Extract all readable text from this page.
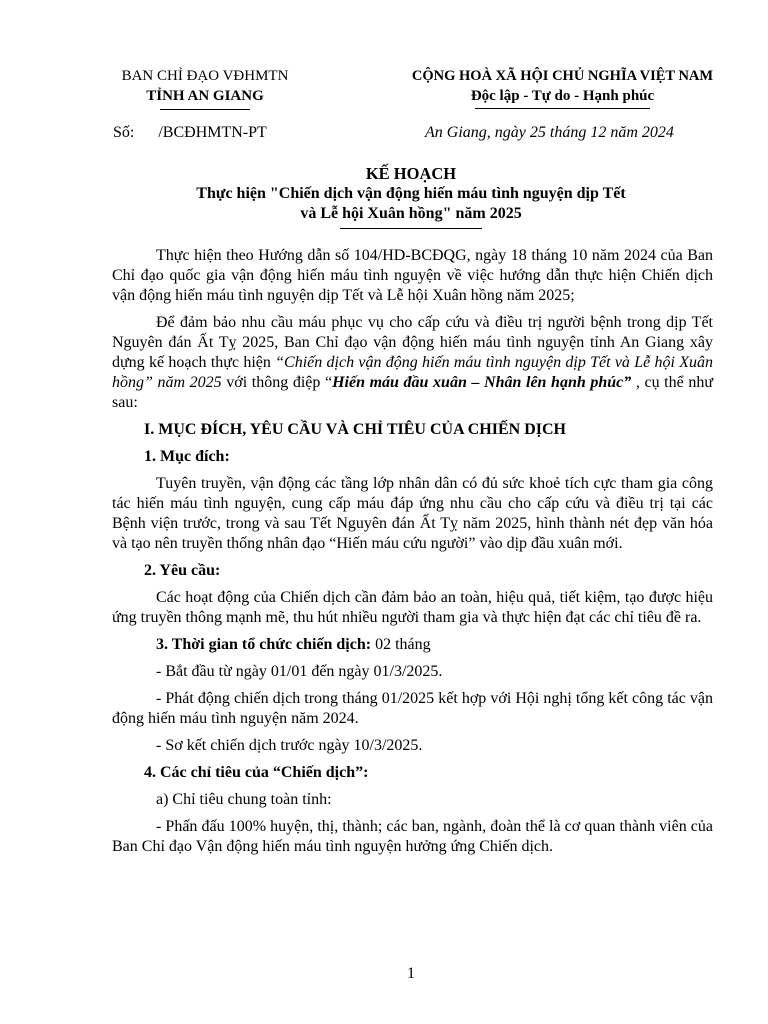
BAN CHỈ ĐẠO VĐHMTN
TỈNH AN GIANG
CỘNG HOÀ XÃ HỘI CHỦ NGHĨA VIỆT NAM
Độc lập - Tự do - Hạnh phúc
Số: /BCĐHMTN-PT	An Giang, ngày 25 tháng 12 năm 2024
KẾ HOẠCH
Thực hiện "Chiến dịch vận động hiến máu tình nguyện dịp Tết
và Lễ hội Xuân hồng" năm 2025

Thực hiện theo Hướng dẫn số 104/HD-BCĐQG, ngày 18 tháng 10 năm 2024 của Ban Chỉ đạo quốc gia vận động hiến máu tình nguyện về việc hướng dẫn thực hiện Chiến dịch vận động hiến máu tình nguyện dịp Tết và Lễ hội Xuân hồng năm 2025;

Để đảm bảo nhu cầu máu phục vụ cho cấp cứu và điều trị người bệnh trong dịp Tết Nguyên đán Ất Tỵ 2025, Ban Chỉ đạo vận động hiến máu tình nguyện tỉnh An Giang xây dựng kế hoạch thực hiện “Chiến dịch vận động hiến máu tình nguyện dịp Tết và Lễ hội Xuân hồng” năm 2025 với thông điệp “Hiến máu đầu xuân – Nhân lên hạnh phúc” , cụ thể như sau:

I. MỤC ĐÍCH, YÊU CẦU VÀ CHỈ TIÊU CỦA CHIẾN DỊCH
1. Mục đích:

Tuyên truyền, vận động các tầng lớp nhân dân có đủ sức khoẻ tích cực tham gia công tác hiến máu tình nguyện, cung cấp máu đáp ứng nhu cầu cho cấp cứu và điều trị tại các Bệnh viện trước, trong và sau Tết Nguyên đán Ất Tỵ năm 2025, hình thành nét đẹp văn hóa và tạo nên truyền thống nhân đạo “Hiến máu cứu người” vào dịp đầu xuân mới.

2. Yêu cầu:

Các hoạt động của Chiến dịch cần đảm bảo an toàn, hiệu quả, tiết kiệm, tạo được hiệu ứng truyền thông mạnh mẽ, thu hút nhiều người tham gia và thực hiện đạt các chỉ tiêu đề ra.

3. Thời gian tổ chức chiến dịch: 02 tháng
- Bắt đầu từ ngày 01/01 đến ngày 01/3/2025.

- Phát động chiến dịch trong tháng 01/2025 kết hợp với Hội nghị tổng kết công tác vận động hiến máu tình nguyện năm 2024.

- Sơ kết chiến dịch trước ngày 10/3/2025.
4. Các chỉ tiêu của “Chiến dịch”:
a) Chỉ tiêu chung toàn tỉnh:

- Phấn đấu 100% huyện, thị, thành; các ban, ngành, đoàn thể là cơ quan thành viên của Ban Chỉ đạo Vận động hiến máu tình nguyện hưởng ứng Chiến dịch.

1
